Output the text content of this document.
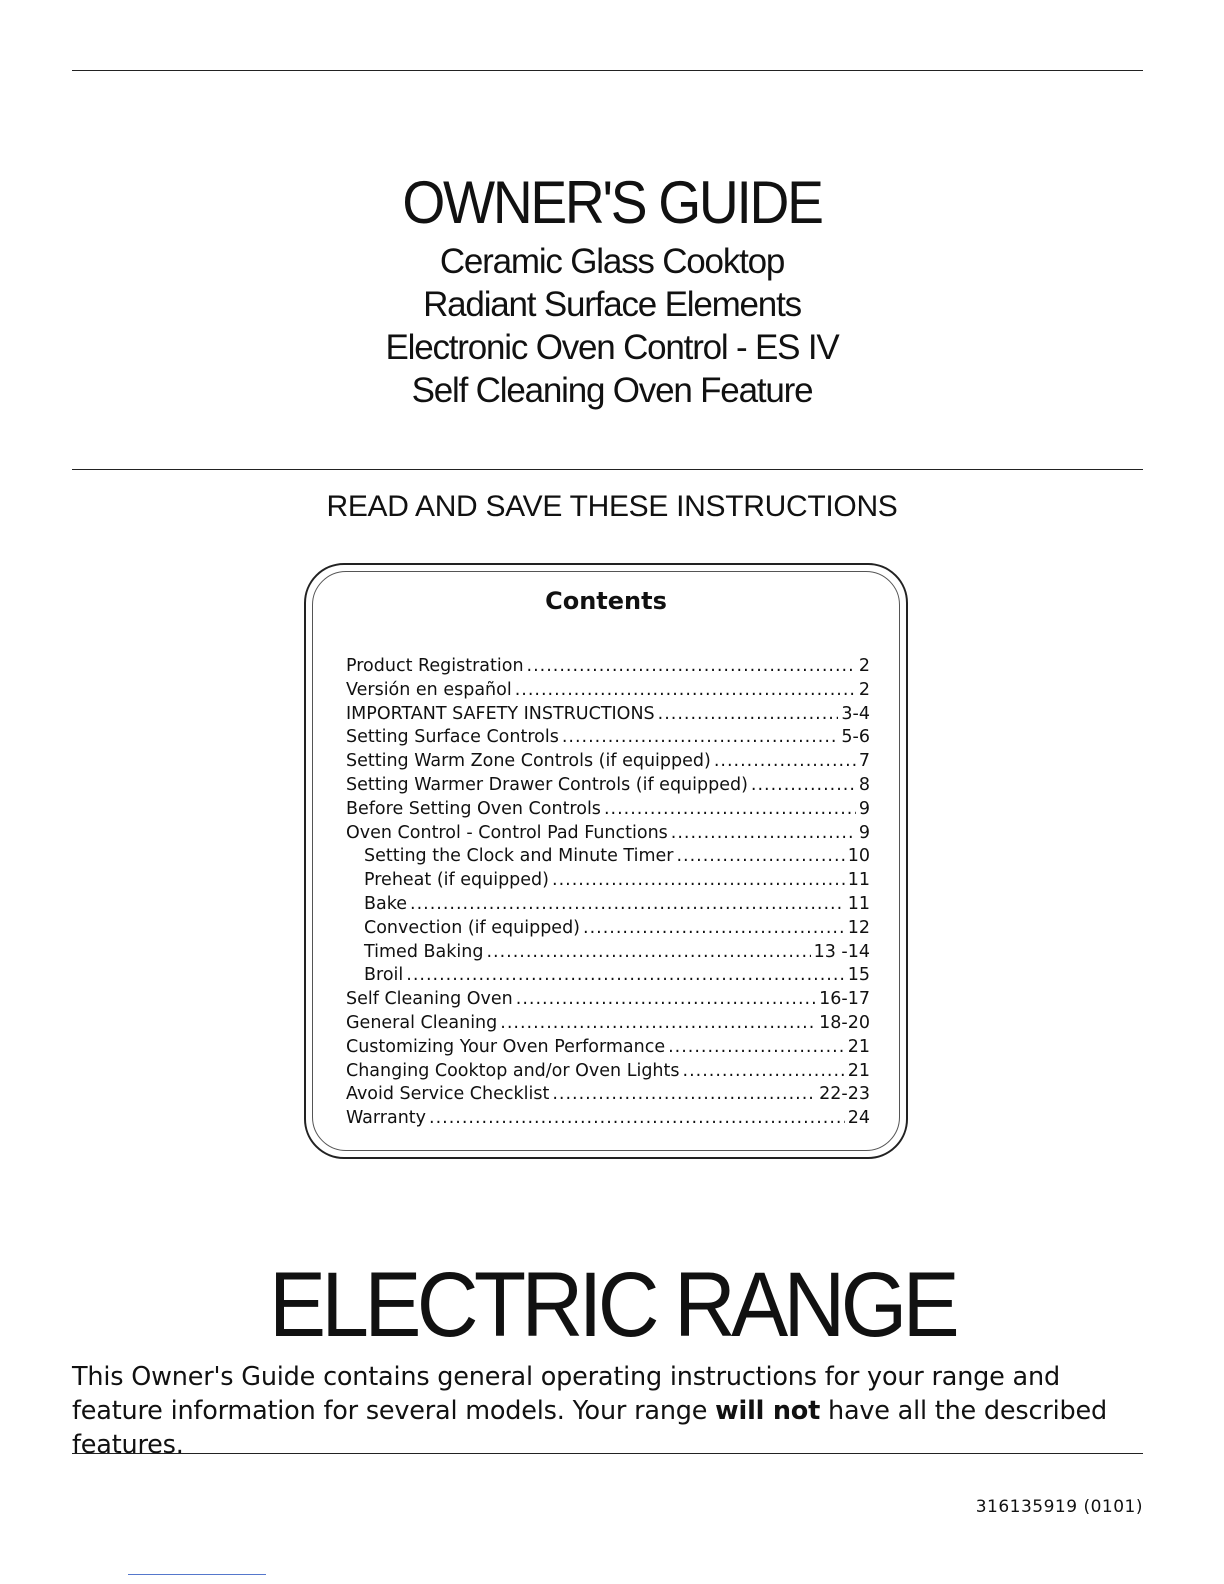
OWNER'S GUIDE
Ceramic Glass Cooktop
Radiant Surface Elements
Electronic Oven Control - ES IV
Self Cleaning Oven Feature
READ AND SAVE THESE INSTRUCTIONS
Contents
Product Registration .....	2
Versión en español .....	2
IMPORTANT SAFETY INSTRUCTIONS .....	3-4
Setting Surface Controls .....	5-6
Setting Warm Zone Controls (if equipped) .....	7
Setting Warmer Drawer Controls (if equipped) .....	8
Before Setting Oven Controls .....	9
Oven Control - Control Pad Functions .....	9
Setting the Clock and Minute Timer .....	10
Preheat (if equipped) .....	11
Bake .....	11
Convection (if equipped) .....	12
Timed Baking .....	13 -14
Broil .....	15
Self Cleaning Oven .....	16-17
General Cleaning .....	18-20
Customizing Your Oven Performance .....	21
Changing Cooktop and/or Oven Lights .....	21
Avoid Service Checklist .....	22-23
Warranty .....	24
ELECTRIC RANGE
This Owner's Guide contains general operating instructions for your range and feature information for several models. Your range will not have all the described features.
316135919 (0101)
